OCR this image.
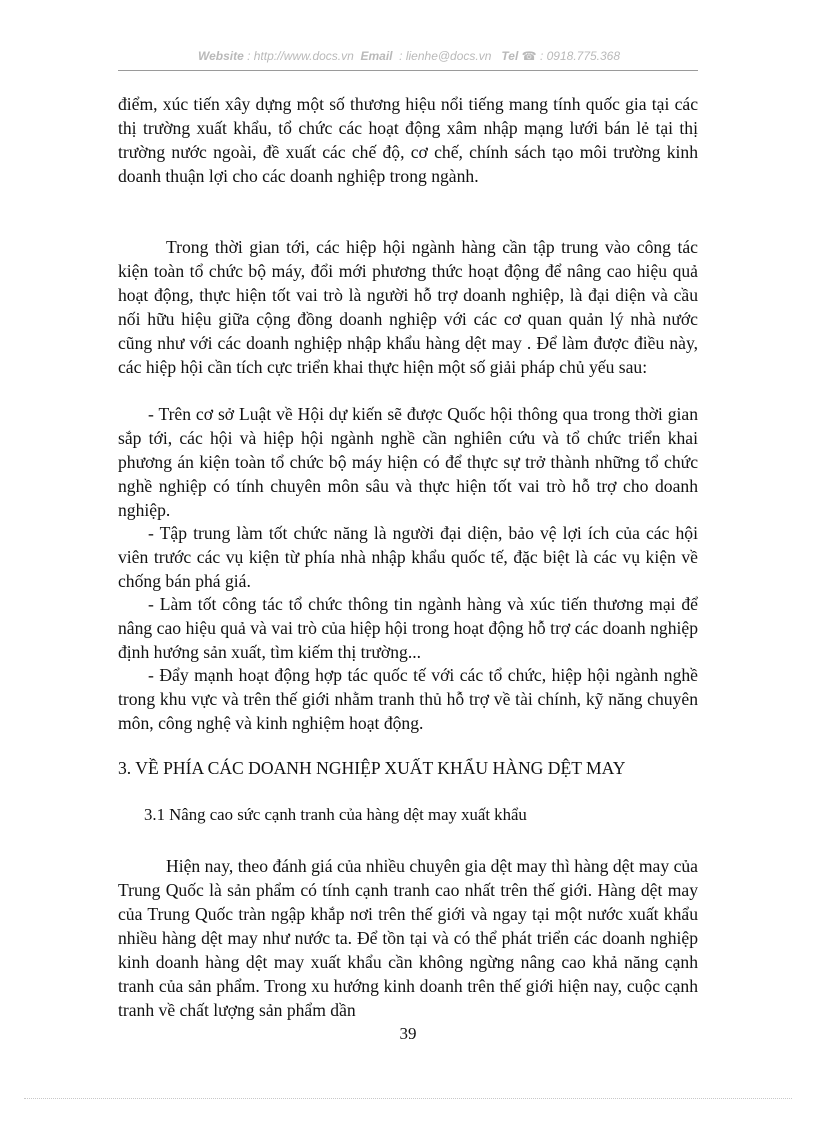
Website : http://www.docs.vn Email : lienhe@docs.vn Tel ☎ : 0918.775.368

điểm, xúc tiến xây dựng một số thương hiệu nổi tiếng mang tính quốc gia tại các thị trường xuất khẩu, tổ chức các hoạt động xâm nhập mạng lưới bán lẻ tại thị trường nước ngoài, đề xuất các chế độ, cơ chế, chính sách tạo môi trường kinh doanh thuận lợi cho các doanh nghiệp trong ngành.

Trong thời gian tới, các hiệp hội ngành hàng cần tập trung vào công tác kiện toàn tổ chức bộ máy, đổi mới phương thức hoạt động để nâng cao hiệu quả hoạt động, thực hiện tốt vai trò là người hỗ trợ doanh nghiệp, là đại diện và cầu nối hữu hiệu giữa cộng đồng doanh nghiệp với các cơ quan quản lý nhà nước cũng như với các doanh nghiệp nhập khẩu hàng dệt may . Để làm được điều này, các hiệp hội cần tích cực triển khai thực hiện một số giải pháp chủ yếu sau:

- Trên cơ sở Luật về Hội dự kiến sẽ được Quốc hội thông qua trong thời gian sắp tới, các hội và hiệp hội ngành nghề cần nghiên cứu và tổ chức triển khai phương án kiện toàn tổ chức bộ máy hiện có để thực sự trở thành những tổ chức nghề nghiệp có tính chuyên môn sâu và thực hiện tốt vai trò hỗ trợ cho doanh nghiệp.

- Tập trung làm tốt chức năng là người đại diện, bảo vệ lợi ích của các hội viên trước các vụ kiện từ phía nhà nhập khẩu quốc tế, đặc biệt là các vụ kiện về chống bán phá giá.

- Làm tốt công tác tổ chức thông tin ngành hàng và xúc tiến thương mại để nâng cao hiệu quả và vai trò của hiệp hội trong hoạt động hỗ trợ các doanh nghiệp định hướng sản xuất, tìm kiếm thị trường...

- Đẩy mạnh hoạt động hợp tác quốc tế với các tổ chức, hiệp hội ngành nghề trong khu vực và trên thế giới nhằm tranh thủ hỗ trợ về tài chính, kỹ năng chuyên môn, công nghệ và kinh nghiệm hoạt động.

3. VỀ PHÍA CÁC DOANH NGHIỆP XUẤT KHẨU HÀNG DỆT MAY
3.1 Nâng cao sức cạnh tranh của hàng dệt may xuất khẩu

Hiện nay, theo đánh giá của nhiều chuyên gia dệt may thì hàng dệt may của Trung Quốc là sản phẩm có tính cạnh tranh cao nhất trên thế giới. Hàng dệt may của Trung Quốc tràn ngập khắp nơi trên thế giới và ngay tại một nước xuất khẩu nhiều hàng dệt may như nước ta. Để tồn tại và có thể phát triển các doanh nghiệp kinh doanh hàng dệt may xuất khẩu cần không ngừng nâng cao khả năng cạnh tranh của sản phẩm. Trong xu hướng kinh doanh trên thế giới hiện nay, cuộc cạnh tranh về chất lượng sản phẩm dần

39
